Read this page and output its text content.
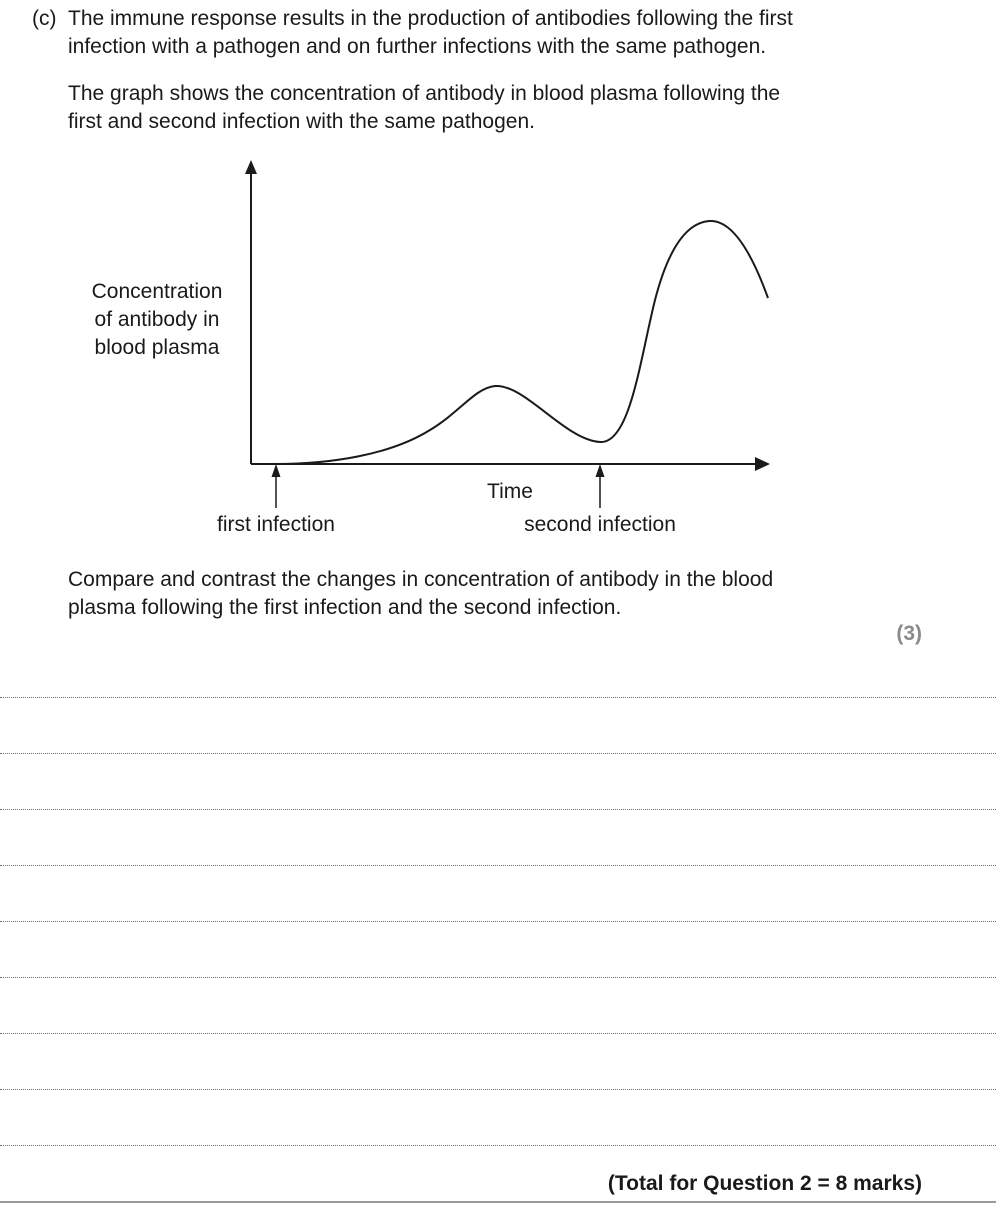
(c) The immune response results in the production of antibodies following the first
infection with a pathogen and on further infections with the same pathogen.
The graph shows the concentration of antibody in blood plasma following the
first and second infection with the same pathogen.
Concentration
of antibody in
blood plasma
Time
first infection	second infection
Compare and contrast the changes in concentration of antibody in the blood
plasma following the first infection and the second infection.
(3)
(Total for Question 2 = 8 marks)
